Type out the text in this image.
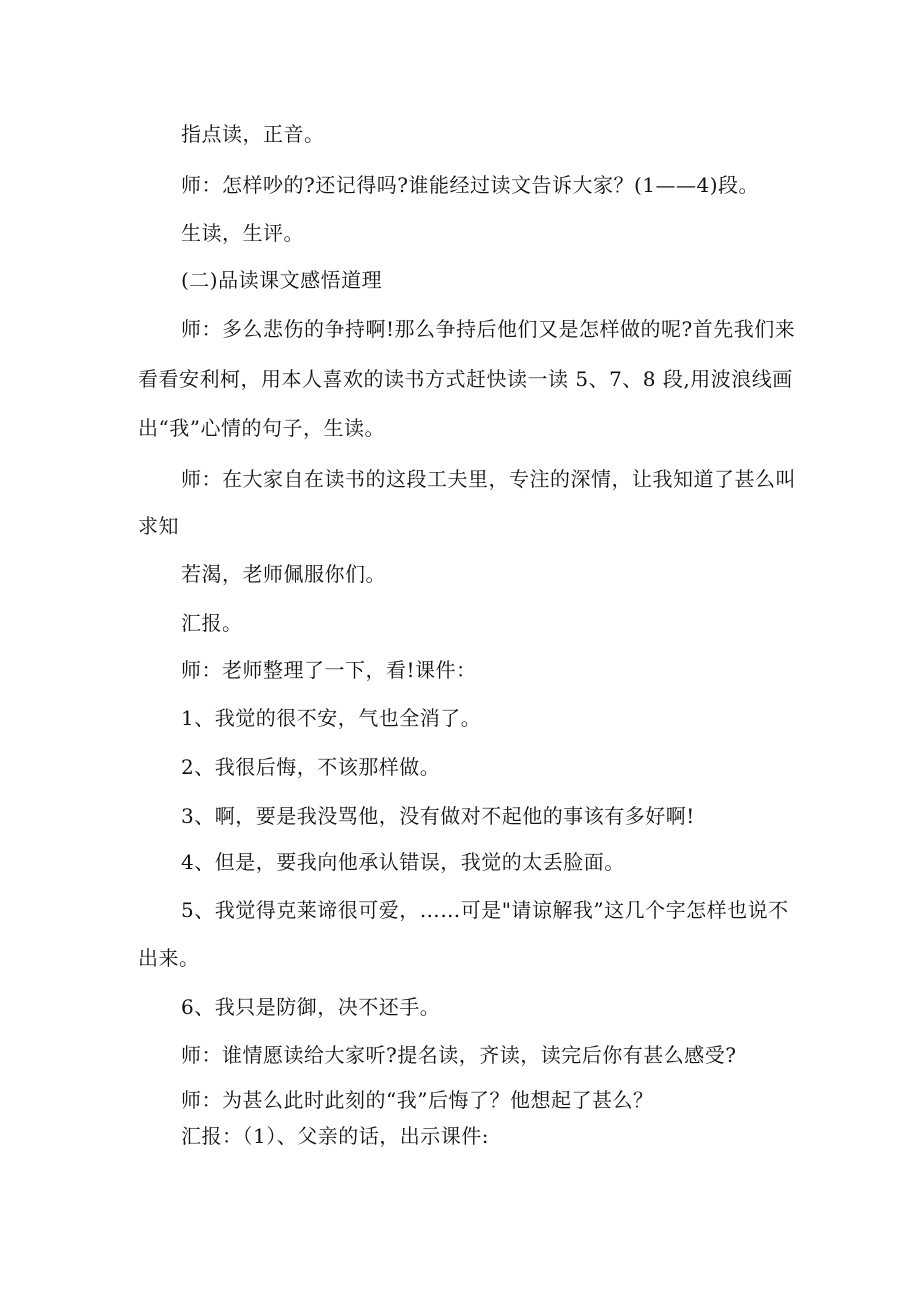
指点读，正音。
师：怎样吵的?还记得吗?谁能经过读文告诉大家？(1——4)段。
生读，生评。
(二)品读课文感悟道理
师：多么悲伤的争持啊!那么争持后他们又是怎样做的呢?首先我们来
看看安利柯，用本人喜欢的读书方式赶快读一读 5、7、8 段,用波浪线画
出“我”心情的句子，生读。
师：在大家自在读书的这段工夫里，专注的深情，让我知道了甚么叫
求知
若渴，老师佩服你们。
汇报。
师：老师整理了一下，看!课件：
1、我觉的很不安，气也全消了。
2、我很后悔，不该那样做。
3、啊，要是我没骂他，没有做对不起他的事该有多好啊!
4、但是，要我向他承认错误，我觉的太丢脸面。
5、我觉得克莱谛很可爱，……可是"请谅解我”这几个字怎样也说不
出来。
6、我只是防御，决不还手。
师：谁情愿读给大家听?提名读，齐读，读完后你有甚么感受?
师：为甚么此时此刻的“我”后悔了？他想起了甚么？
汇报：（1）、父亲的话，出示课件:
